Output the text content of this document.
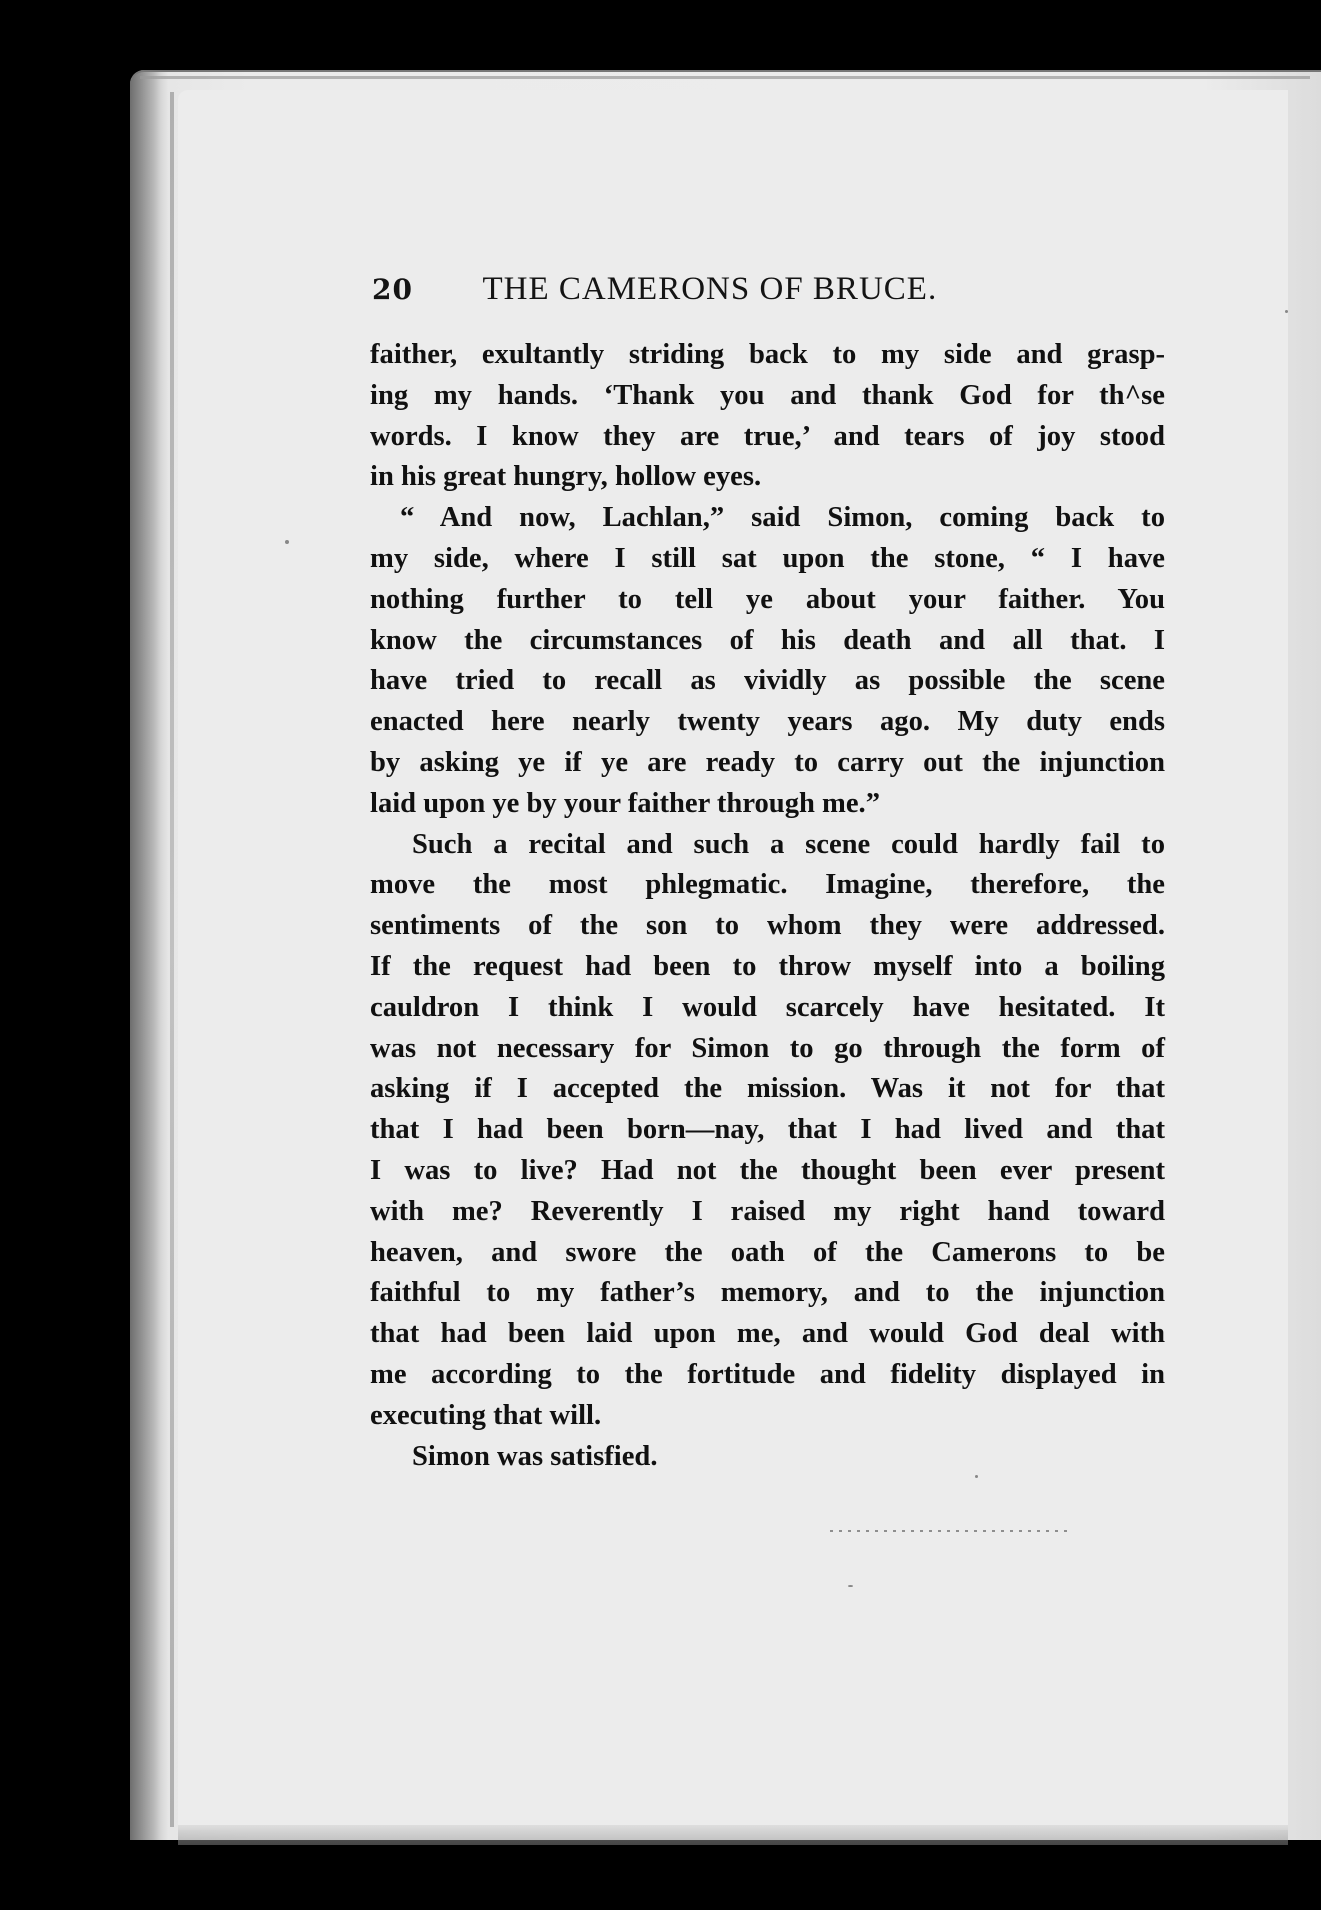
20 THE CAMERONS OF BRUCE.
faither, exultantly striding back to my side and grasp-
ing my hands. ‘Thank you and thank God for th^se
words. I know they are true,’ and tears of joy stood
in his great hungry, hollow eyes.
“ And now, Lachlan,” said Simon, coming back to
my side, where I still sat upon the stone, “ I have
nothing further to tell ye about your faither. You
know the circumstances of his death and all that. I
have tried to recall as vividly as possible the scene
enacted here nearly twenty years ago. My duty ends
by asking ye if ye are ready to carry out the injunction
laid upon ye by your faither through me.”
Such a recital and such a scene could hardly fail to
move the most phlegmatic. Imagine, therefore, the
sentiments of the son to whom they were addressed.
If the request had been to throw myself into a boiling
cauldron I think I would scarcely have hesitated. It
was not necessary for Simon to go through the form of
asking if I accepted the mission. Was it not for that
that I had been born—nay, that I had lived and that
I was to live? Had not the thought been ever present
with me? Reverently I raised my right hand toward
heaven, and swore the oath of the Camerons to be
faithful to my father’s memory, and to the injunction
that had been laid upon me, and would God deal with
me according to the fortitude and fidelity displayed in
executing that will.
Simon was satisfied.
